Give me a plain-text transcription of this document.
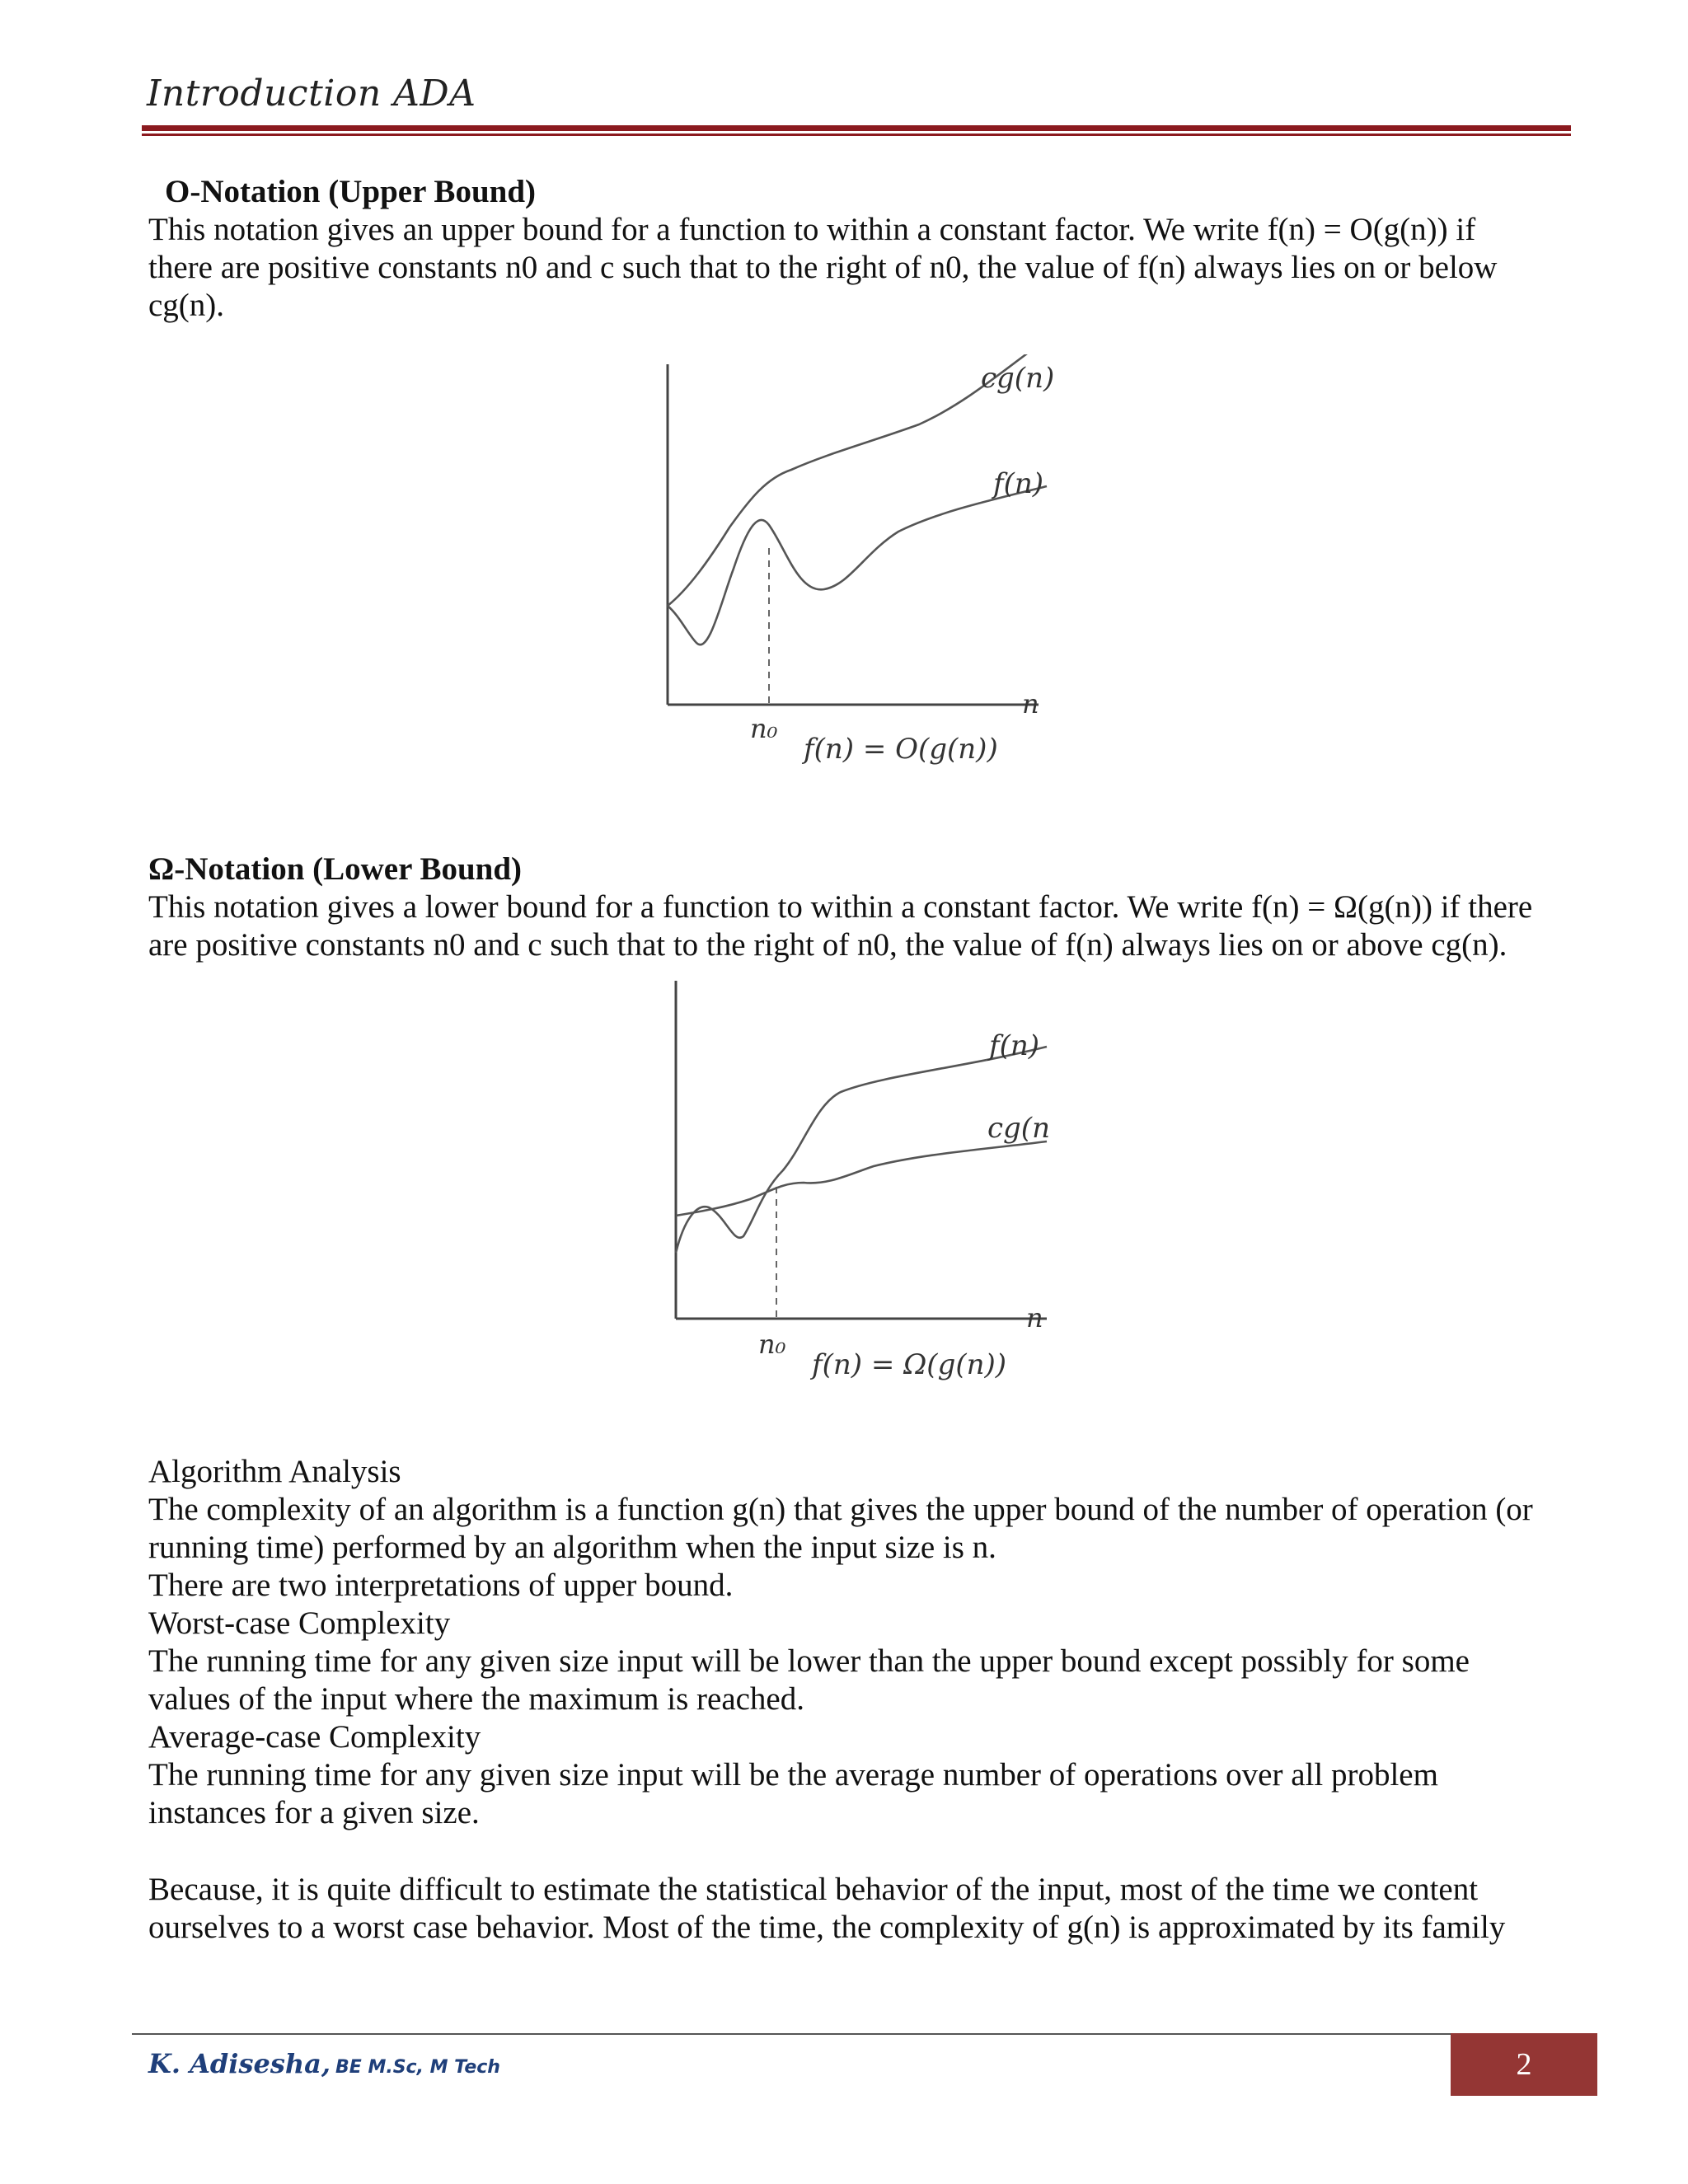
Introduction ADA
O-Notation (Upper Bound)
This notation gives an upper bound for a function to within a constant factor. We write f(n) = O(g(n)) if
there are positive constants n0 and c such that to the right of n0, the value of f(n) always lies on or below
cg(n).
cg(n)
f(n)
n
n₀
f(n) = O(g(n))
Ω-Notation (Lower Bound)
This notation gives a lower bound for a function to within a constant factor. We write f(n) = Ω(g(n)) if there
are positive constants n0 and c such that to the right of n0, the value of f(n) always lies on or above cg(n).
f(n)
cg(n
n
n₀
f(n) = Ω(g(n))
Algorithm Analysis
The complexity of an algorithm is a function g(n) that gives the upper bound of the number of operation (or
running time) performed by an algorithm when the input size is n.
There are two interpretations of upper bound.
Worst-case Complexity
The running time for any given size input will be lower than the upper bound except possibly for some
values of the input where the maximum is reached.
Average-case Complexity
The running time for any given size input will be the average number of operations over all problem
instances for a given size.
Because, it is quite difficult to estimate the statistical behavior of the input, most of the time we content
ourselves to a worst case behavior. Most of the time, the complexity of g(n) is approximated by its family
K. Adisesha, BE M.Sc, M Tech	2
